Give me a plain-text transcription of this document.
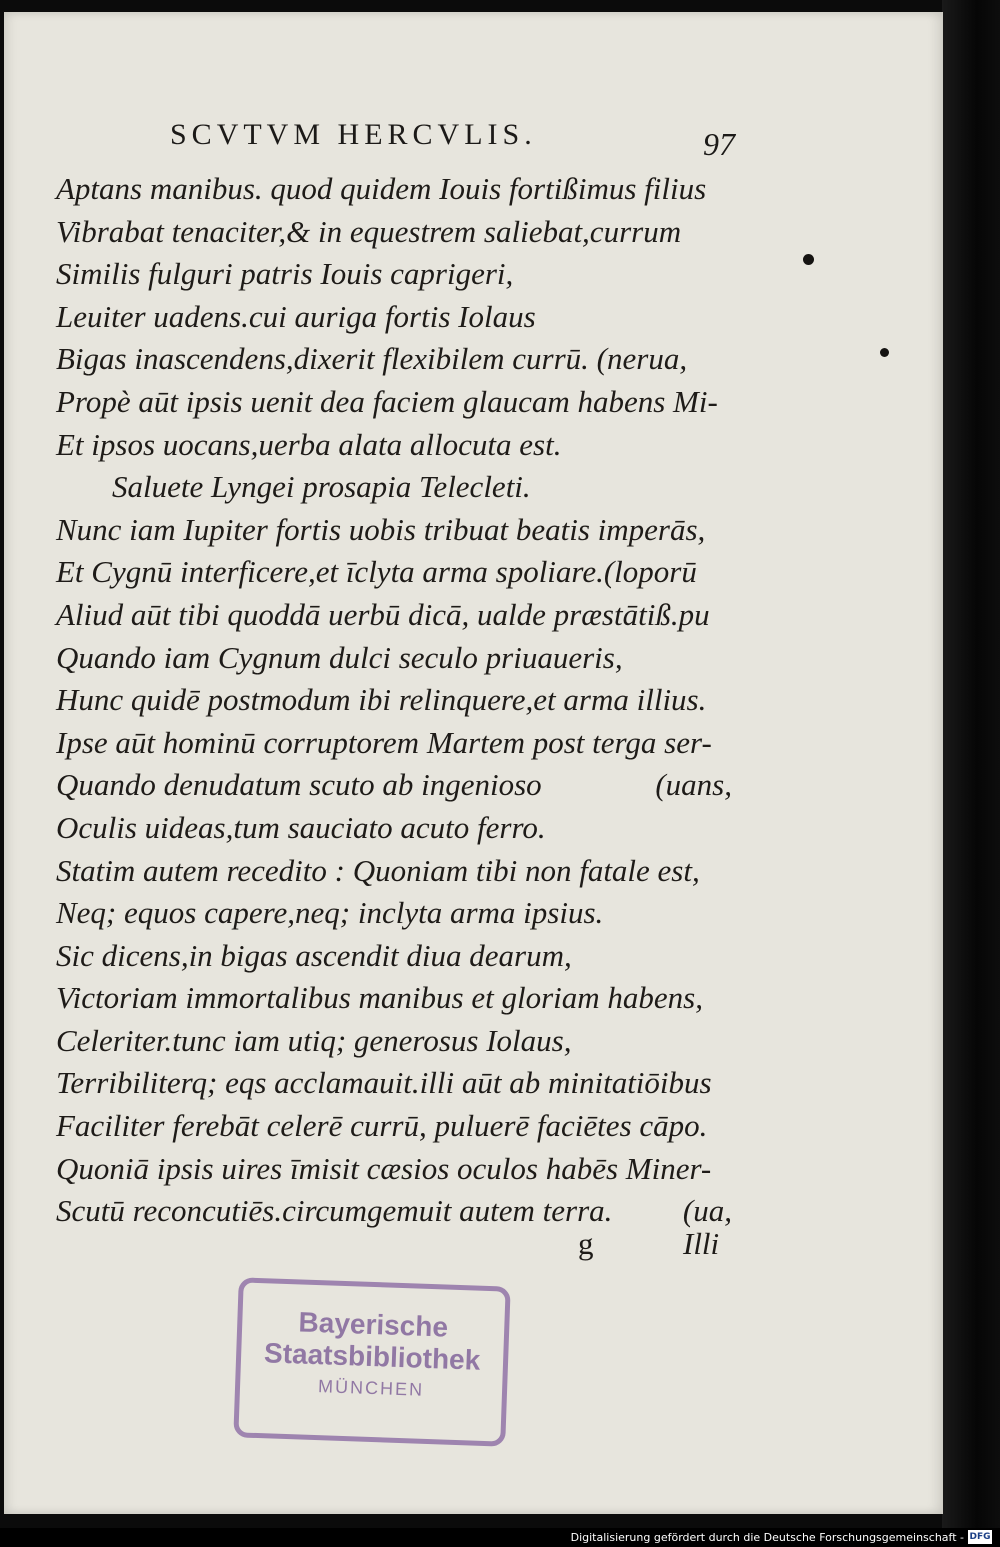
SCVTVM HERCVLIS.	97
Aptans manibus. quod quidem Iouis fortißimus filius
Vibrabat tenaciter,& in equestrem saliebat,currum
Similis fulguri patris Iouis caprigeri,
Leuiter uadens.cui auriga fortis Iolaus
Bigas inascendens,dixerit flexibilem currū. (nerua,
Propè aūt ipsis uenit dea faciem glaucam habens Mi-
Et ipsos uocans,uerba alata allocuta est.
Saluete Lyngei prosapia Telecleti.
Nunc iam Iupiter fortis uobis tribuat beatis imperās,
Et Cygnū interficere,et īclyta arma spoliare.(loporū
Aliud aūt tibi quoddā uerbū dicā, ualde præstātiß.pu
Quando iam Cygnum dulci seculo priuaueris,
Hunc quidē postmodum ibi relinquere,et arma illius.
Ipse aūt hominū corruptorem Martem post terga ser-
Quando denudatum scuto ab ingenioso	(uans,
Oculis uideas,tum sauciato acuto ferro.
Statim autem recedito : Quoniam tibi non fatale est,
Neq; equos capere,neq; inclyta arma ipsius.
Sic dicens,in bigas ascendit diua dearum,
Victoriam immortalibus manibus et gloriam habens,
Celeriter.tunc iam utiq; generosus Iolaus,
Terribiliterq; eqs acclamauit.illi aūt ab minitatiōibus
Faciliter ferebāt celerē currū, puluerē faciētes cāpo.
Quoniā ipsis uires īmisit cæsios oculos habēs Miner-
Scutū reconcutiēs.circumgemuit autem terra. (ua,
g	Illi
Bayerische
Staatsbibliothek
MÜNCHEN
Digitalisierung gefördert durch die Deutsche Forschungsgemeinschaft - DFG
